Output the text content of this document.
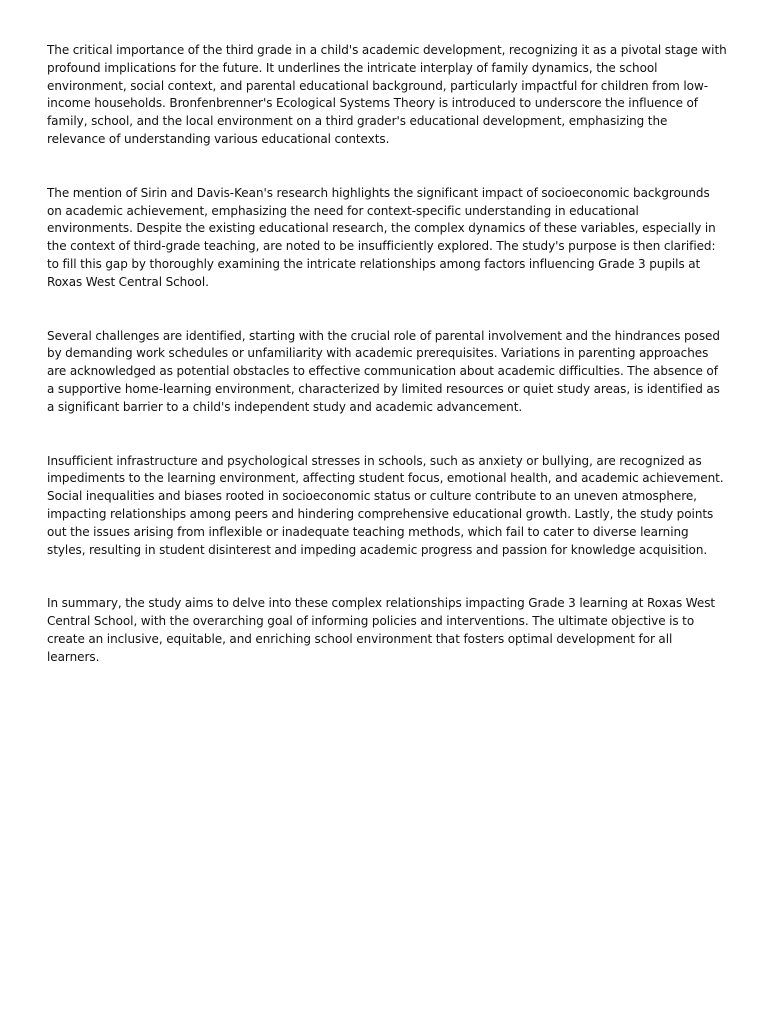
The critical importance of the third grade in a child's academic development, recognizing it as a pivotal stage with profound implications for the future. It underlines the intricate interplay of family dynamics, the school environment, social context, and parental educational background, particularly impactful for children from low-income households. Bronfenbrenner's Ecological Systems Theory is introduced to underscore the influence of family, school, and the local environment on a third grader's educational development, emphasizing the relevance of understanding various educational contexts.

The mention of Sirin and Davis-Kean's research highlights the significant impact of socioeconomic backgrounds on academic achievement, emphasizing the need for context-specific understanding in educational environments. Despite the existing educational research, the complex dynamics of these variables, especially in the context of third-grade teaching, are noted to be insufficiently explored. The study's purpose is then clarified: to fill this gap by thoroughly examining the intricate relationships among factors influencing Grade 3 pupils at Roxas West Central School.

Several challenges are identified, starting with the crucial role of parental involvement and the hindrances posed by demanding work schedules or unfamiliarity with academic prerequisites. Variations in parenting approaches are acknowledged as potential obstacles to effective communication about academic difficulties. The absence of a supportive home-learning environment, characterized by limited resources or quiet study areas, is identified as a significant barrier to a child's independent study and academic advancement.

Insufficient infrastructure and psychological stresses in schools, such as anxiety or bullying, are recognized as impediments to the learning environment, affecting student focus, emotional health, and academic achievement. Social inequalities and biases rooted in socioeconomic status or culture contribute to an uneven atmosphere, impacting relationships among peers and hindering comprehensive educational growth. Lastly, the study points out the issues arising from inflexible or inadequate teaching methods, which fail to cater to diverse learning styles, resulting in student disinterest and impeding academic progress and passion for knowledge acquisition.

In summary, the study aims to delve into these complex relationships impacting Grade 3 learning at Roxas West Central School, with the overarching goal of informing policies and interventions. The ultimate objective is to create an inclusive, equitable, and enriching school environment that fosters optimal development for all learners.
